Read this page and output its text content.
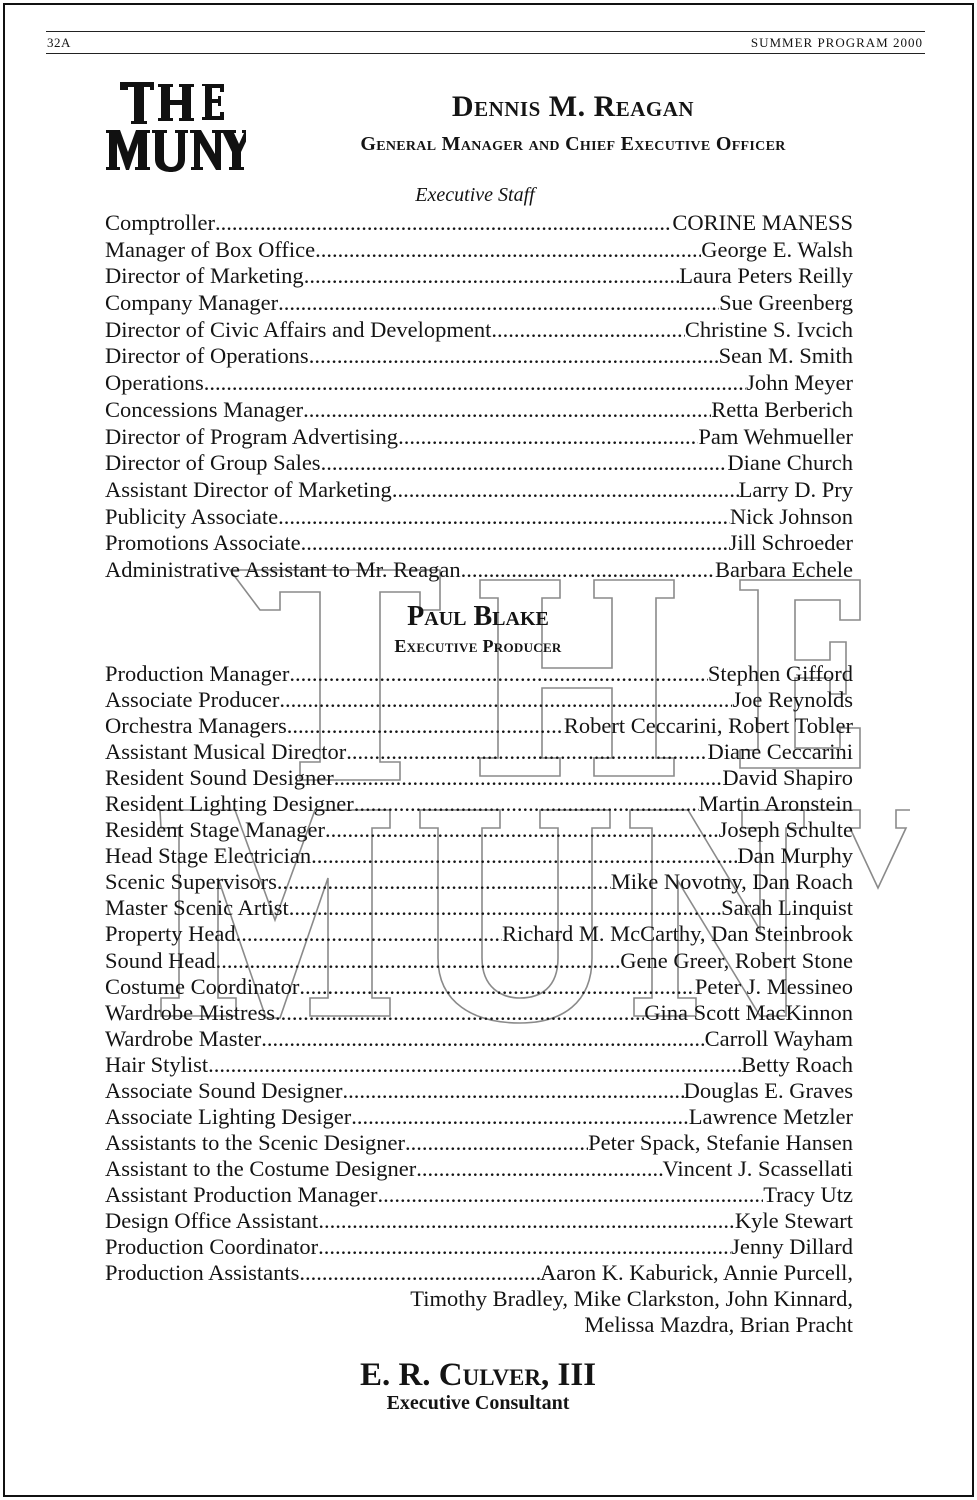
32A	SUMMER PROGRAM 2000
Dennis M. Reagan
General Manager and Chief Executive Officer
Executive Staff
Comptroller .....	CORINE MANESS
Manager of Box Office .....	George E. Walsh
Director of Marketing .....	Laura Peters Reilly
Company Manager .....	Sue Greenberg
Director of Civic Affairs and Development .....	Christine S. Ivcich
Director of Operations .....	Sean M. Smith
Operations .....	John Meyer
Concessions Manager .....	Retta Berberich
Director of Program Advertising .....	Pam Wehmueller
Director of Group Sales .....	Diane Church
Assistant Director of Marketing .....	Larry D. Pry
Publicity Associate .....	Nick Johnson
Promotions Associate .....	Jill Schroeder
Administrative Assistant to Mr. Reagan .....	Barbara Echele
Paul Blake
Executive Producer
Production Manager .....	Stephen Gifford
Associate Producer .....	Joe Reynolds
Orchestra Managers .....	Robert Ceccarini, Robert Tobler
Assistant Musical Director .....	Diane Ceccarini
Resident Sound Designer .....	David Shapiro
Resident Lighting Designer .....	Martin Aronstein
Resident Stage Manager .....	Joseph Schulte
Head Stage Electrician .....	Dan Murphy
Scenic Supervisors .....	Mike Novotny, Dan Roach
Master Scenic Artist .....	Sarah Linquist
Property Head .....	Richard M. McCarthy, Dan Steinbrook
Sound Head .....	Gene Greer, Robert Stone
Costume Coordinator .....	Peter J. Messineo
Wardrobe Mistress .....	Gina Scott MacKinnon
Wardrobe Master .....	Carroll Wayham
Hair Stylist .....	Betty Roach
Associate Sound Designer .....	Douglas E. Graves
Associate Lighting Desiger .....	Lawrence Metzler
Assistants to the Scenic Designer .....	Peter Spack, Stefanie Hansen
Assistant to the Costume Designer .....	Vincent J. Scassellati
Assistant Production Manager .....	Tracy Utz
Design Office Assistant .....	Kyle Stewart
Production Coordinator .....	Jenny Dillard
Production Assistants .....	Aaron K. Kaburick, Annie Purcell,
Timothy Bradley, Mike Clarkston, John Kinnard,
Melissa Mazdra, Brian Pracht
E. R. Culver, III
Executive Consultant
